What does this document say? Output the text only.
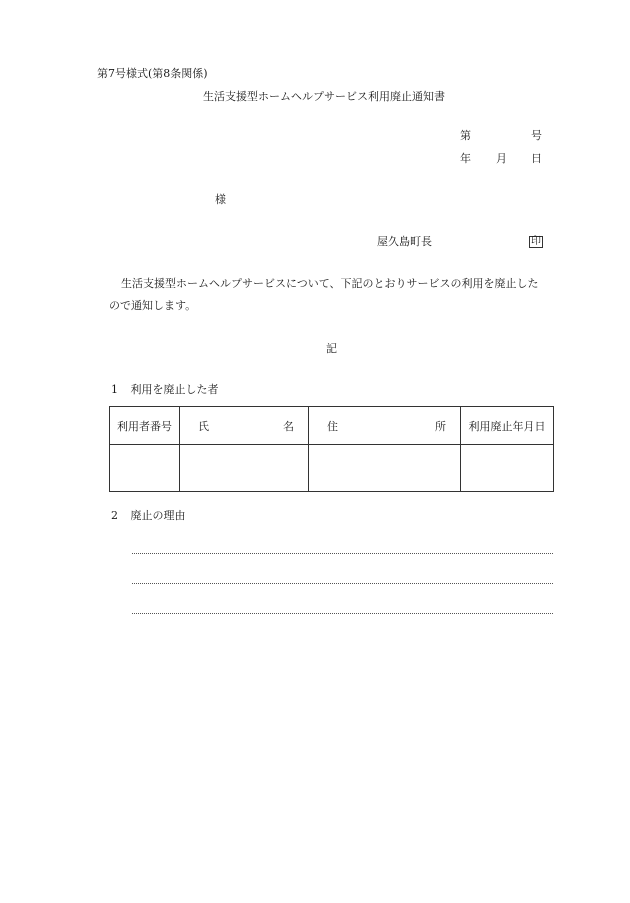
第7号様式(第8条関係)
生活支援型ホームヘルプサービス利用廃止通知書
第	号
年 月 日
様
屋久島町長	印
生活支援型ホームヘルプサービスについて、下記のとおりサービスの利用を廃止した
ので通知します。
記
1 利用を廃止した者
利用者番号	氏 名	住 所	利用廃止年月日

2 廃止の理由
